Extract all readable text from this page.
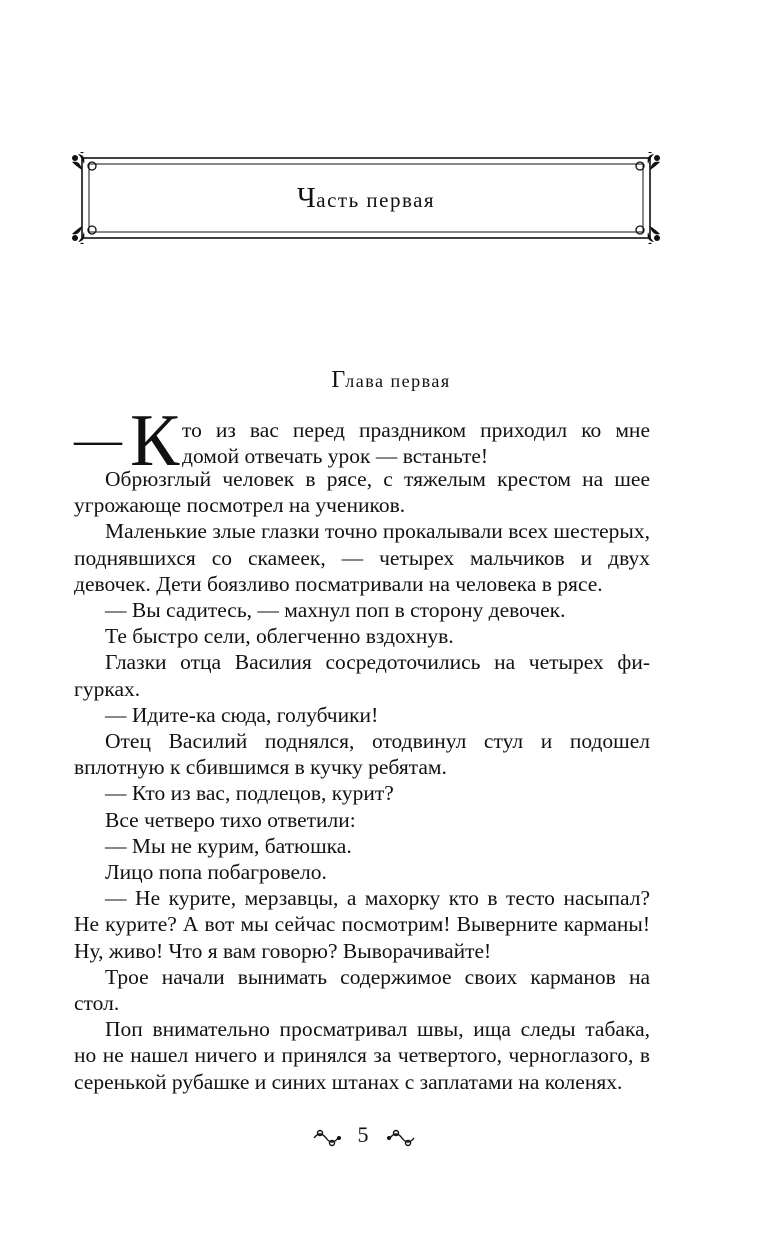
Часть первая
Глава первая
— К то из вас перед праздником приходил ко мне
домой отвечать урок — встаньте!

Обрюзглый человек в рясе, с тяжелым крестом на шее угрожающе посмотрел на учеников.

Маленькие злые глазки точно прокалывали всех шестерых, поднявшихся со скамеек, — четырех мальчиков и двух девочек. Дети боязливо посматривали на человека в рясе.

— Вы садитесь, — махнул поп в сторону девочек.

Те быстро сели, облегченно вздохнув.

Глазки отца Василия сосредоточились на четырех фигурках.

— Идите-ка сюда, голубчики!

Отец Василий поднялся, отодвинул стул и подошел вплотную к сбившимся в кучку ребятам.

— Кто из вас, подлецов, курит?

Все четверо тихо ответили:

— Мы не курим, батюшка.

Лицо попа побагровело.

— Не курите, мерзавцы, а махорку кто в тесто насыпал? Не курите? А вот мы сейчас посмотрим! Выверните карманы! Ну, живо! Что я вам говорю? Выворачивайте!

Трое начали вынимать содержимое своих карманов на стол.

Поп внимательно просматривал швы, ища следы табака, но не нашел ничего и принялся за четвертого, черноглазого, в серенькой рубашке и синих штанах с заплатами на коленях.

5
